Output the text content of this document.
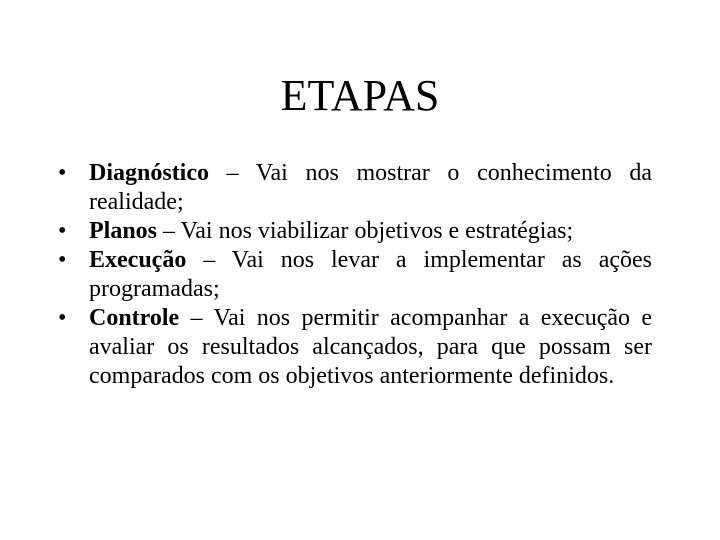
ETAPAS
• Diagnóstico – Vai nos mostrar o conhecimento da realidade;
• Planos – Vai nos viabilizar objetivos e estratégias;
• Execução – Vai nos levar a implementar as ações programadas;
• Controle – Vai nos permitir acompanhar a execução e avaliar os resultados alcançados, para que possam ser comparados com os objetivos anteriormente definidos.
